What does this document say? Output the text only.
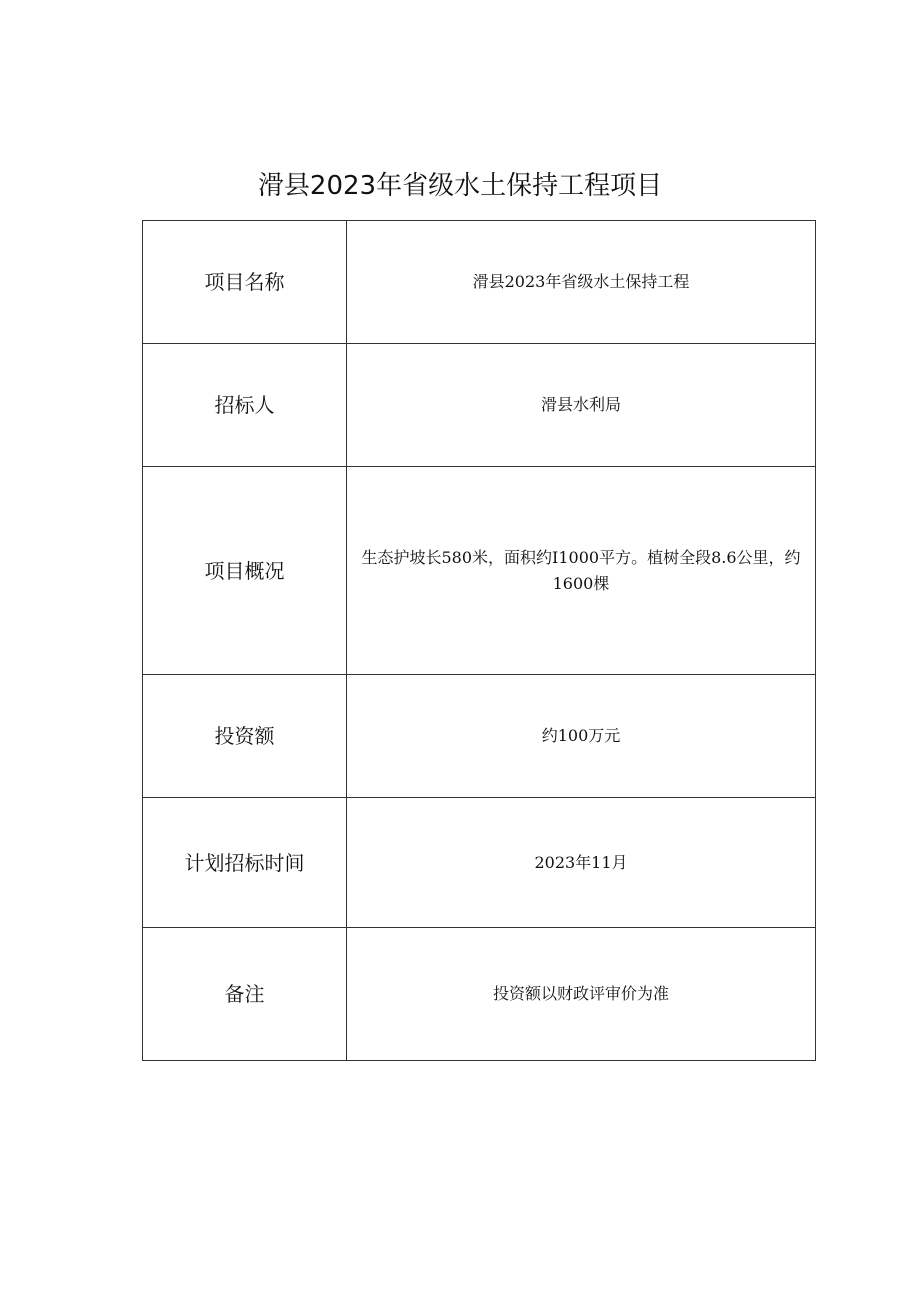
滑县2023年省级水土保持工程项目
项目名称	滑县2023年省级水土保持工程
招标人	滑县水利局
项目概况	生态护坡长580米，面积约I1000平方。植树全段8.6公里，约1600棵
投资额	约100万元
计划招标时间	2023年11月
备注	投资额以财政评审价为准
